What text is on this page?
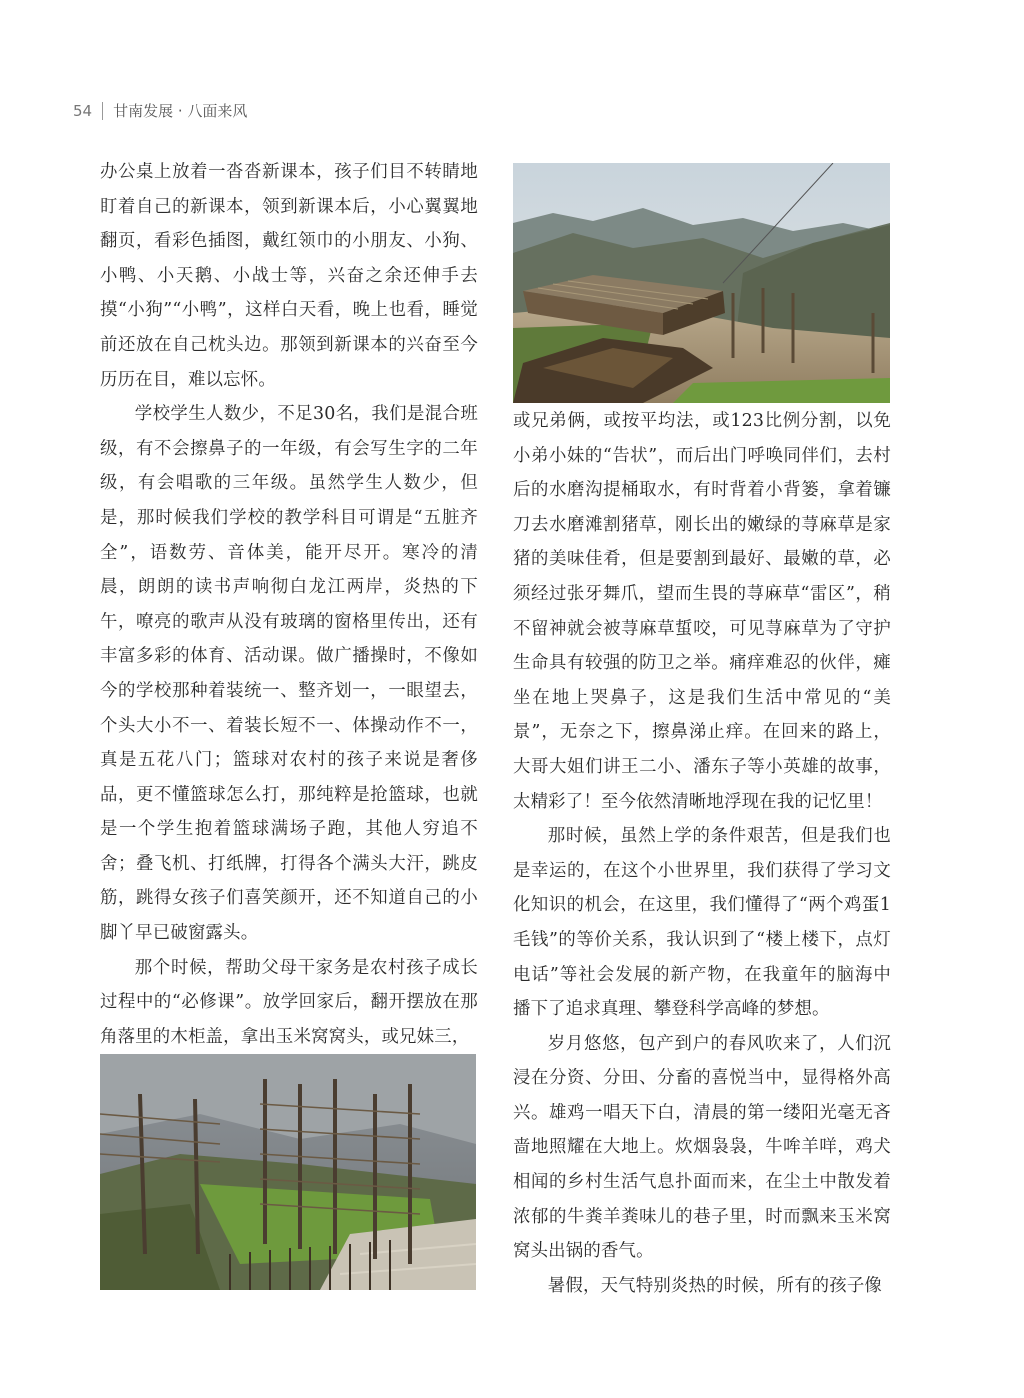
54 甘南发展 · 八面来风

办公桌上放着一沓沓新课本，孩子们目不转睛地盯着自己的新课本，领到新课本后，小心翼翼地翻页，看彩色插图，戴红领巾的小朋友、小狗、小鸭、小天鹅、小战士等，兴奋之余还伸手去摸“小狗”“小鸭”，这样白天看，晚上也看，睡觉前还放在自己枕头边。那领到新课本的兴奋至今历历在目，难以忘怀。

学校学生人数少，不足30名，我们是混合班级，有不会擦鼻子的一年级，有会写生字的二年级，有会唱歌的三年级。虽然学生人数少，但是，那时候我们学校的教学科目可谓是“五脏齐全”，语数劳、音体美，能开尽开。寒冷的清晨，朗朗的读书声响彻白龙江两岸，炎热的下午，嘹亮的歌声从没有玻璃的窗格里传出，还有丰富多彩的体育、活动课。做广播操时，不像如今的学校那种着装统一、整齐划一，一眼望去，个头大小不一、着装长短不一、体操动作不一，真是五花八门；篮球对农村的孩子来说是奢侈品，更不懂篮球怎么打，那纯粹是抢篮球，也就是一个学生抱着篮球满场子跑，其他人穷追不舍；叠飞机、打纸牌，打得各个满头大汗，跳皮筋，跳得女孩子们喜笑颜开，还不知道自己的小脚丫早已破窗露头。

那个时候，帮助父母干家务是农村孩子成长过程中的“必修课”。放学回家后，翻开摆放在那角落里的木柜盖，拿出玉米窝窝头，或兄妹三，

或兄弟俩，或按平均法，或123比例分割，以免小弟小妹的“告状”，而后出门呼唤同伴们，去村后的水磨沟提桶取水，有时背着小背篓，拿着镰刀去水磨滩割猪草，刚长出的嫩绿的荨麻草是家猪的美味佳肴，但是要割到最好、最嫩的草，必须经过张牙舞爪，望而生畏的荨麻草“雷区”，稍不留神就会被荨麻草蜇咬，可见荨麻草为了守护生命具有较强的防卫之举。痛痒难忍的伙伴，瘫坐在地上哭鼻子，这是我们生活中常见的“美景”，无奈之下，擦鼻涕止痒。在回来的路上，大哥大姐们讲王二小、潘东子等小英雄的故事，太精彩了！至今依然清晰地浮现在我的记忆里！

那时候，虽然上学的条件艰苦，但是我们也是幸运的，在这个小世界里，我们获得了学习文化知识的机会，在这里，我们懂得了“两个鸡蛋1毛钱”的等价关系，我认识到了“楼上楼下，点灯电话”等社会发展的新产物，在我童年的脑海中播下了追求真理、攀登科学高峰的梦想。

岁月悠悠，包产到户的春风吹来了，人们沉浸在分资、分田、分畜的喜悦当中，显得格外高兴。雄鸡一唱天下白，清晨的第一缕阳光毫无吝啬地照耀在大地上。炊烟袅袅，牛哞羊咩，鸡犬相闻的乡村生活气息扑面而来，在尘土中散发着浓郁的牛粪羊粪味儿的巷子里，时而飘来玉米窝窝头出锅的香气。

暑假，天气特别炎热的时候，所有的孩子像
